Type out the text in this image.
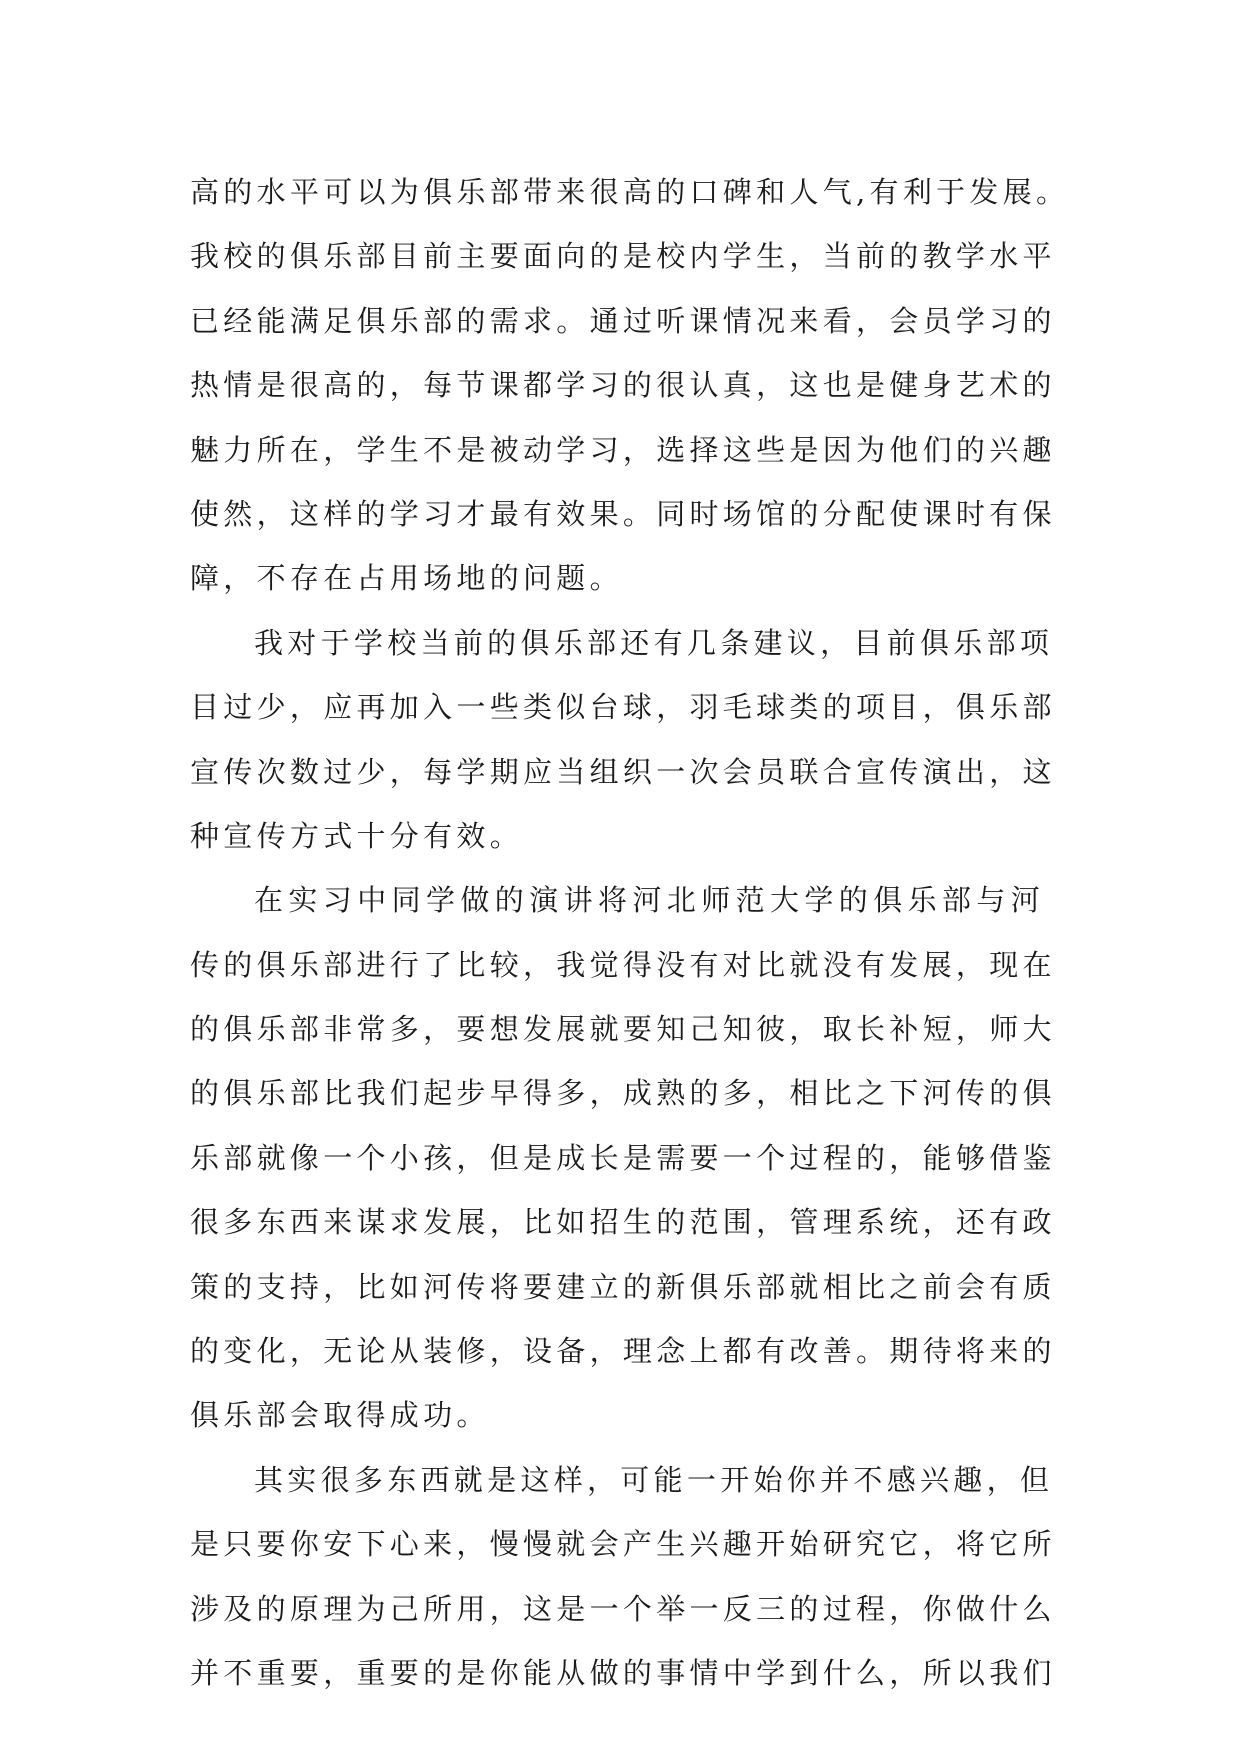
高的水平可以为俱乐部带来很高的口碑和人气,有利于发展。
我校的俱乐部目前主要面向的是校内学生，当前的教学水平
已经能满足俱乐部的需求。通过听课情况来看，会员学习的
热情是很高的，每节课都学习的很认真，这也是健身艺术的
魅力所在，学生不是被动学习，选择这些是因为他们的兴趣
使然，这样的学习才最有效果。同时场馆的分配使课时有保
障，不存在占用场地的问题。
我对于学校当前的俱乐部还有几条建议，目前俱乐部项
目过少，应再加入一些类似台球，羽毛球类的项目，俱乐部
宣传次数过少，每学期应当组织一次会员联合宣传演出，这
种宣传方式十分有效。
在实习中同学做的演讲将河北师范大学的俱乐部与河
传的俱乐部进行了比较，我觉得没有对比就没有发展，现在
的俱乐部非常多，要想发展就要知己知彼，取长补短，师大
的俱乐部比我们起步早得多，成熟的多，相比之下河传的俱
乐部就像一个小孩，但是成长是需要一个过程的，能够借鉴
很多东西来谋求发展，比如招生的范围，管理系统，还有政
策的支持，比如河传将要建立的新俱乐部就相比之前会有质
的变化，无论从装修，设备，理念上都有改善。期待将来的
俱乐部会取得成功。
其实很多东西就是这样，可能一开始你并不感兴趣，但
是只要你安下心来，慢慢就会产生兴趣开始研究它，将它所
涉及的原理为己所用，这是一个举一反三的过程，你做什么
并不重要，重要的是你能从做的事情中学到什么，所以我们
